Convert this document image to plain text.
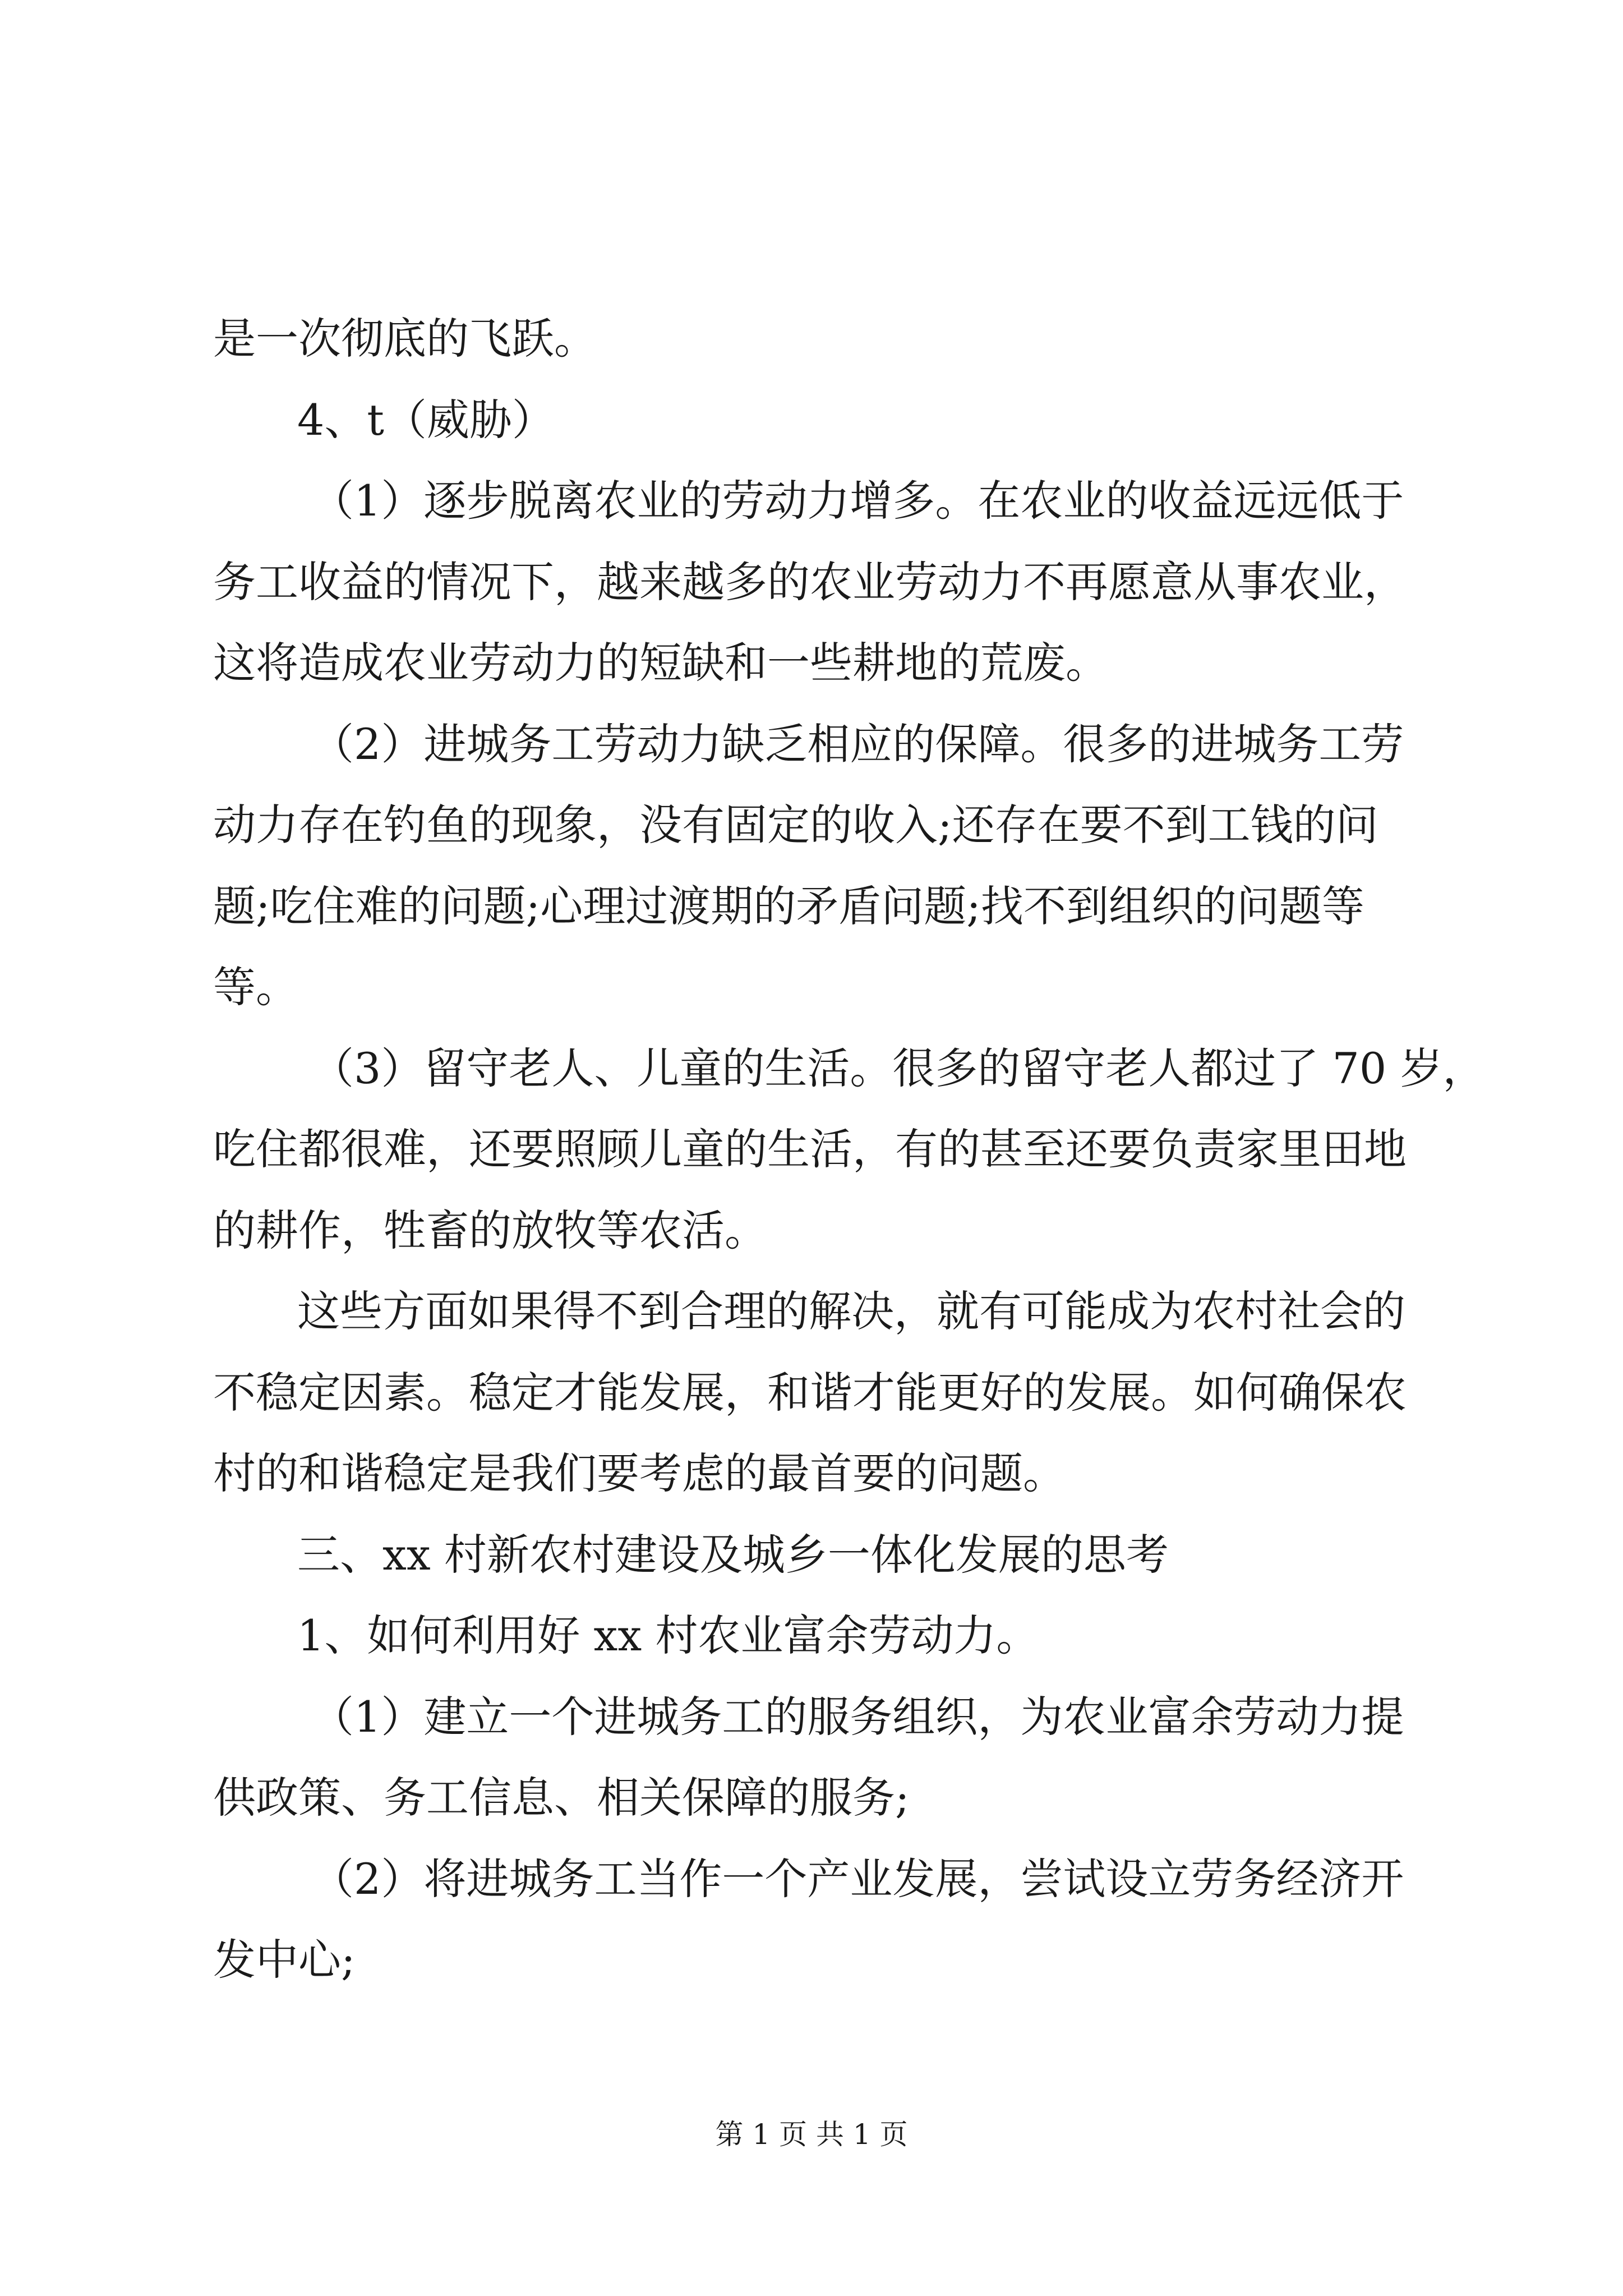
是一次彻底的飞跃。
4、t（威胁）
（1）逐步脱离农业的劳动力增多。在农业的收益远远低于
务工收益的情况下，越来越多的农业劳动力不再愿意从事农业，
这将造成农业劳动力的短缺和一些耕地的荒废。
（2）进城务工劳动力缺乏相应的保障。很多的进城务工劳
动力存在钓鱼的现象，没有固定的收入;还存在要不到工钱的问
题;吃住难的问题;心理过渡期的矛盾问题;找不到组织的问题等
等。
（3）留守老人、儿童的生活。很多的留守老人都过了 70 岁，
吃住都很难，还要照顾儿童的生活，有的甚至还要负责家里田地
的耕作，牲畜的放牧等农活。
这些方面如果得不到合理的解决，就有可能成为农村社会的
不稳定因素。稳定才能发展，和谐才能更好的发展。如何确保农
村的和谐稳定是我们要考虑的最首要的问题。
三、xx 村新农村建设及城乡一体化发展的思考
1、如何利用好 xx 村农业富余劳动力。
（1）建立一个进城务工的服务组织，为农业富余劳动力提
供政策、务工信息、相关保障的服务;
（2）将进城务工当作一个产业发展，尝试设立劳务经济开
发中心;
第 1 页 共 1 页
